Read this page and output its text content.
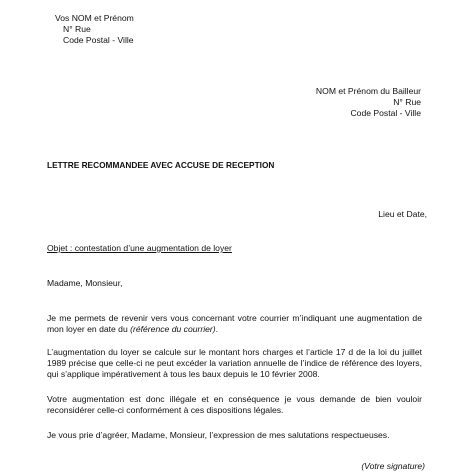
Vos NOM et Prénom
N° Rue
Code Postal - Ville
NOM et Prénom du Bailleur
N° Rue
Code Postal - Ville

LETTRE RECOMMANDEE AVEC ACCUSE DE RECEPTION

Lieu et Date,

Objet : contestation d’une augmentation de loyer

Madame, Monsieur,

Je me permets de revenir vers vous concernant votre courrier m’indiquant une augmentation de mon loyer en date du (référence du courrier).

L’augmentation du loyer se calcule sur le montant hors charges et l’article 17 d de la loi du juillet 1989 précise que celle-ci ne peut excéder la variation annuelle de l’indice de référence des loyers, qui s’applique impérativement à tous les baux depuis le 10 février 2008.

Votre augmentation est donc illégale et en conséquence je vous demande de bien vouloir reconsidérer celle-ci conformément à ces dispositions légales.

Je vous prie d’agréer, Madame, Monsieur, l’expression de mes salutations respectueuses.

(Votre signature)
